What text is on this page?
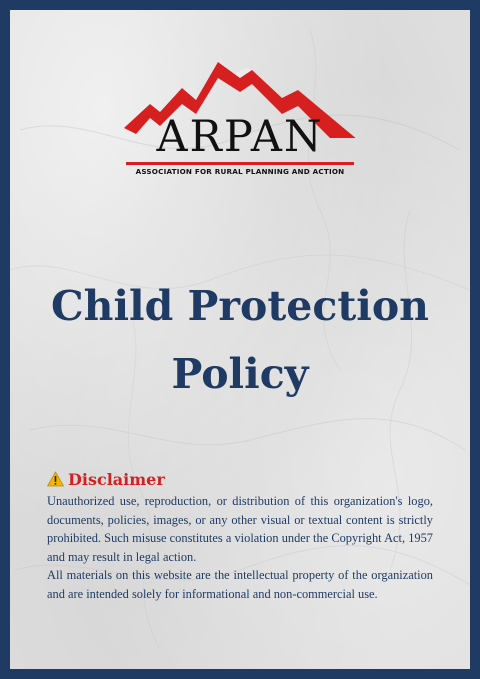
ARPAN
ASSOCIATION FOR RURAL PLANNING AND ACTION
Child Protection
Policy
Disclaimer

Unauthorized use, reproduction, or distribution of this organization's logo, documents, policies, images, or any other visual or textual content is strictly prohibited. Such misuse constitutes a violation under the Copyright Act, 1957 and may result in legal action.

All materials on this website are the intellectual property of the organization and are intended solely for informational and non-commercial use.
